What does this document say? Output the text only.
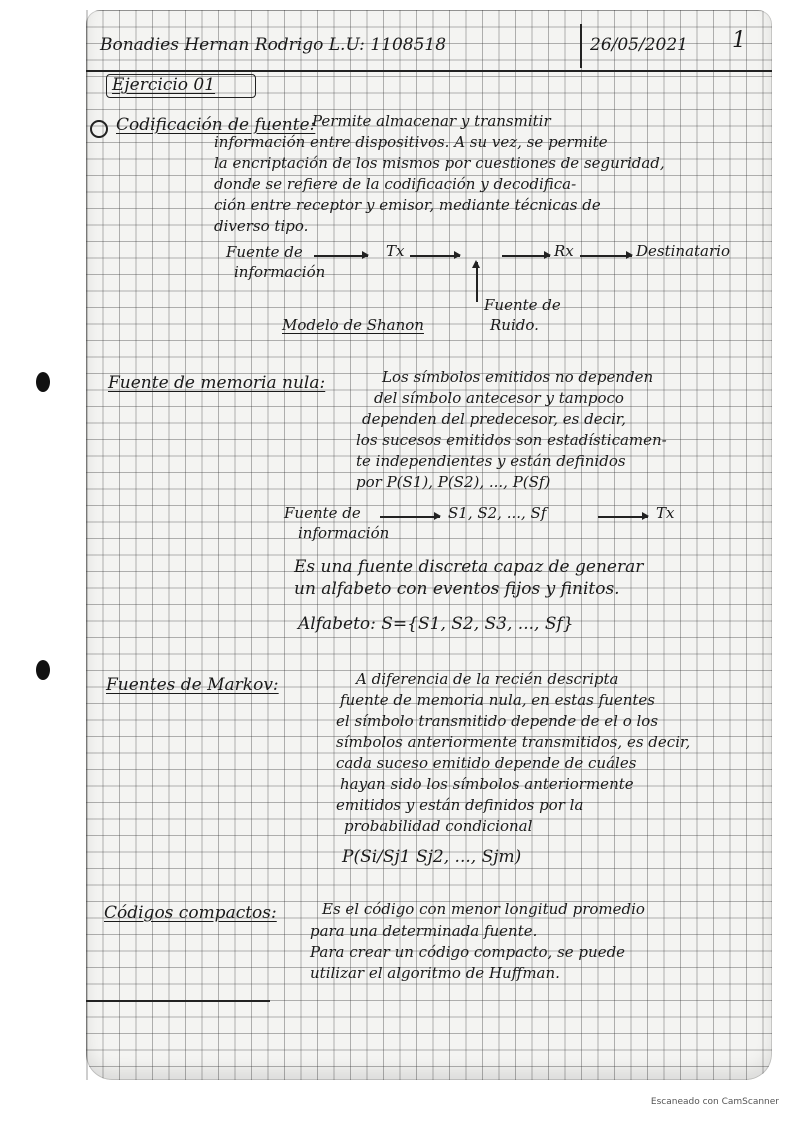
Bonadies Hernan Rodrigo L.U: 1108518	26/05/2021 1
Ejercicio 01
Codificación de fuente:
Permite almacenar y transmitir
información entre dispositivos. A su vez, se permite
la encriptación de los mismos por cuestiones de seguridad,
donde se refiere de la codificación y decodifica-
ción entre receptor y emisor, mediante técnicas de
diverso tipo.
Fuente de
información
Tx	Rx	Destinatario
Fuente de
Ruido.
Modelo de Shanon
Fuente de memoria nula:	Los símbolos emitidos no dependen
del símbolo antecesor y tampoco
dependen del predecesor, es decir,
los sucesos emitidos son estadísticamen-
te independientes y están definidos
por P(S1), P(S2), ..., P(Sf)
Fuente de
información
S1, S2, ..., Sf	Tx
Es una fuente discreta capaz de generar
un alfabeto con eventos fijos y finitos.
Alfabeto: S={S1, S2, S3, ..., Sf}
Fuentes de Markov:	A diferencia de la recién descripta
fuente de memoria nula, en estas fuentes
el símbolo transmitido depende de el o los
símbolos anteriormente transmitidos, es decir,
cada suceso emitido depende de cuáles
hayan sido los símbolos anteriormente
emitidos y están definidos por la
probabilidad condicional
P(Si/Sj1 Sj2, ..., Sjm)
Códigos compactos:	Es el código con menor longitud promedio
para una determinada fuente.
Para crear un código compacto, se puede
utilizar el algoritmo de Huffman.
Escaneado con CamScanner
